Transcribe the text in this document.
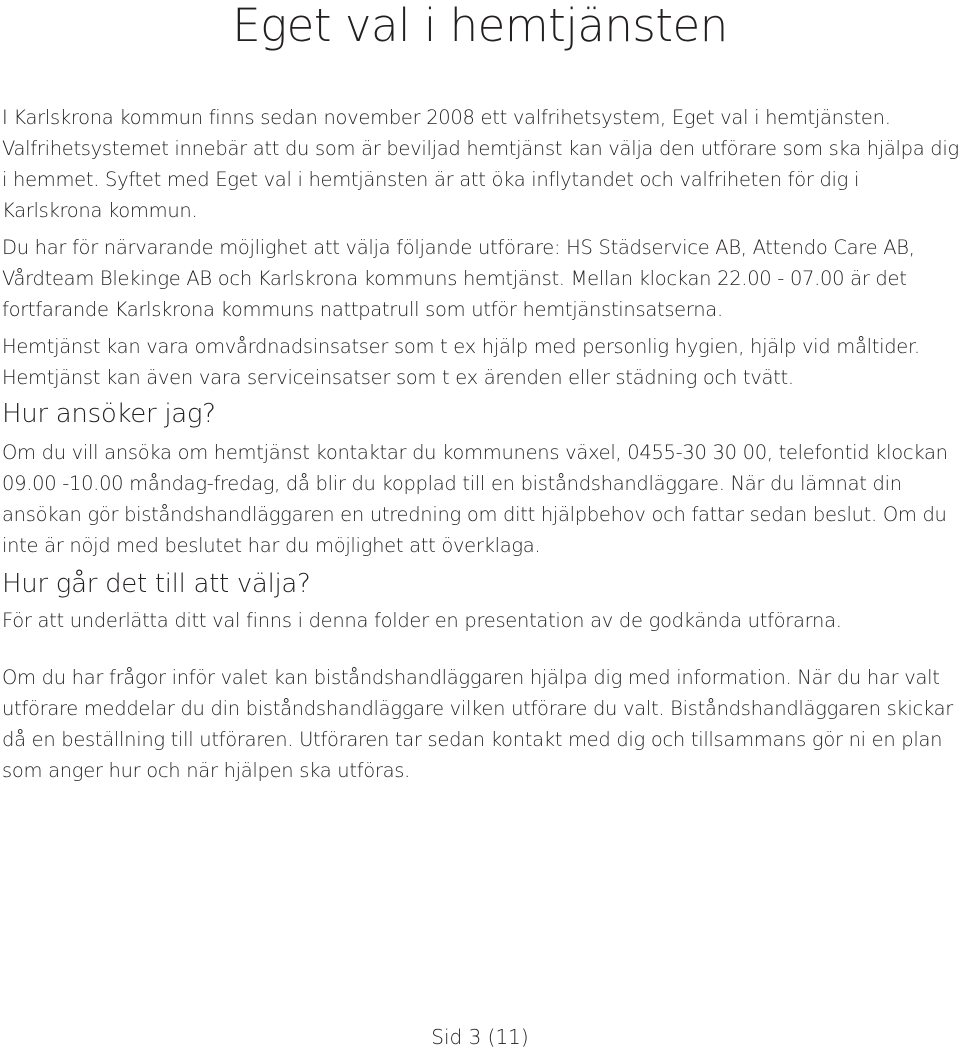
Eget val i hemtjänsten

I Karlskrona kommun finns sedan november 2008 ett valfrihetsystem, Eget val i hemtjänsten. Valfrihetsystemet innebär att du som är beviljad hemtjänst kan välja den utförare som ska hjälpa dig i hemmet. Syftet med Eget val i hemtjänsten är att öka inflytandet och valfriheten för dig i Karlskrona kommun.

Du har för närvarande möjlighet att välja följande utförare: HS Städservice AB, Attendo Care AB, Vårdteam Blekinge AB och Karlskrona kommuns hemtjänst. Mellan klockan 22.00 - 07.00 är det fortfarande Karlskrona kommuns nattpatrull som utför hemtjänstinsatserna.

Hemtjänst kan vara omvårdnadsinsatser som t ex hjälp med personlig hygien, hjälp vid måltider. Hemtjänst kan även vara serviceinsatser som t ex ärenden eller städning och tvätt.

Hur ansöker jag?

Om du vill ansöka om hemtjänst kontaktar du kommunens växel, 0455-30 30 00, telefontid klockan 09.00 -10.00 måndag-fredag, då blir du kopplad till en biståndshandläggare. När du lämnat din ansökan gör biståndshandläggaren en utredning om ditt hjälpbehov och fattar sedan beslut. Om du inte är nöjd med beslutet har du möjlighet att överklaga.

Hur går det till att välja?

För att underlätta ditt val finns i denna folder en presentation av de godkända utförarna.

Om du har frågor inför valet kan biståndshandläggaren hjälpa dig med information. När du har valt utförare meddelar du din biståndshandläggare vilken utförare du valt. Biståndshandläggaren skickar då en beställning till utföraren. Utföraren tar sedan kontakt med dig och tillsammans gör ni en plan som anger hur och när hjälpen ska utföras.

Sid 3 (11)
